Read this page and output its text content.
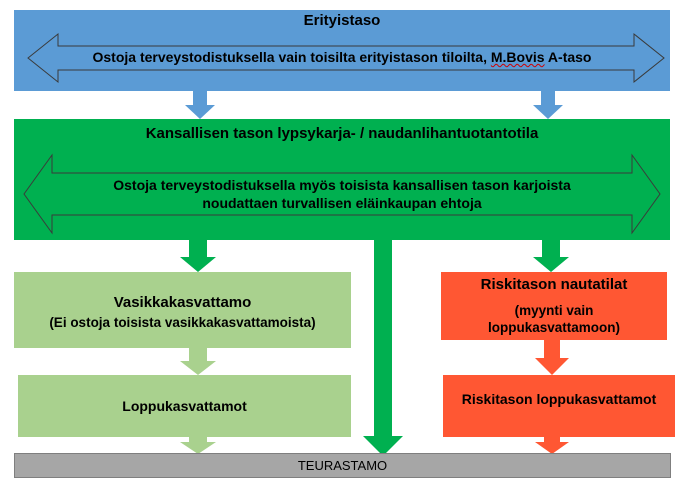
Erityistaso
Ostoja terveystodistuksella vain toisilta erityistason tiloilta, M.Bovis A-taso
Kansallisen tason lypsykarja- / naudanlihantuotantotila
Ostoja terveystodistuksella myös toisista kansallisen tason karjoista
noudattaen turvallisen eläinkaupan ehtoja
Vasikkakasvattamo
(Ei ostoja toisista vasikkakasvattamoista)
Loppukasvattamot
Riskitason nautatilat
(myynti vain
loppukasvattamoon)
Riskitason loppukasvattamot
TEURASTAMO
